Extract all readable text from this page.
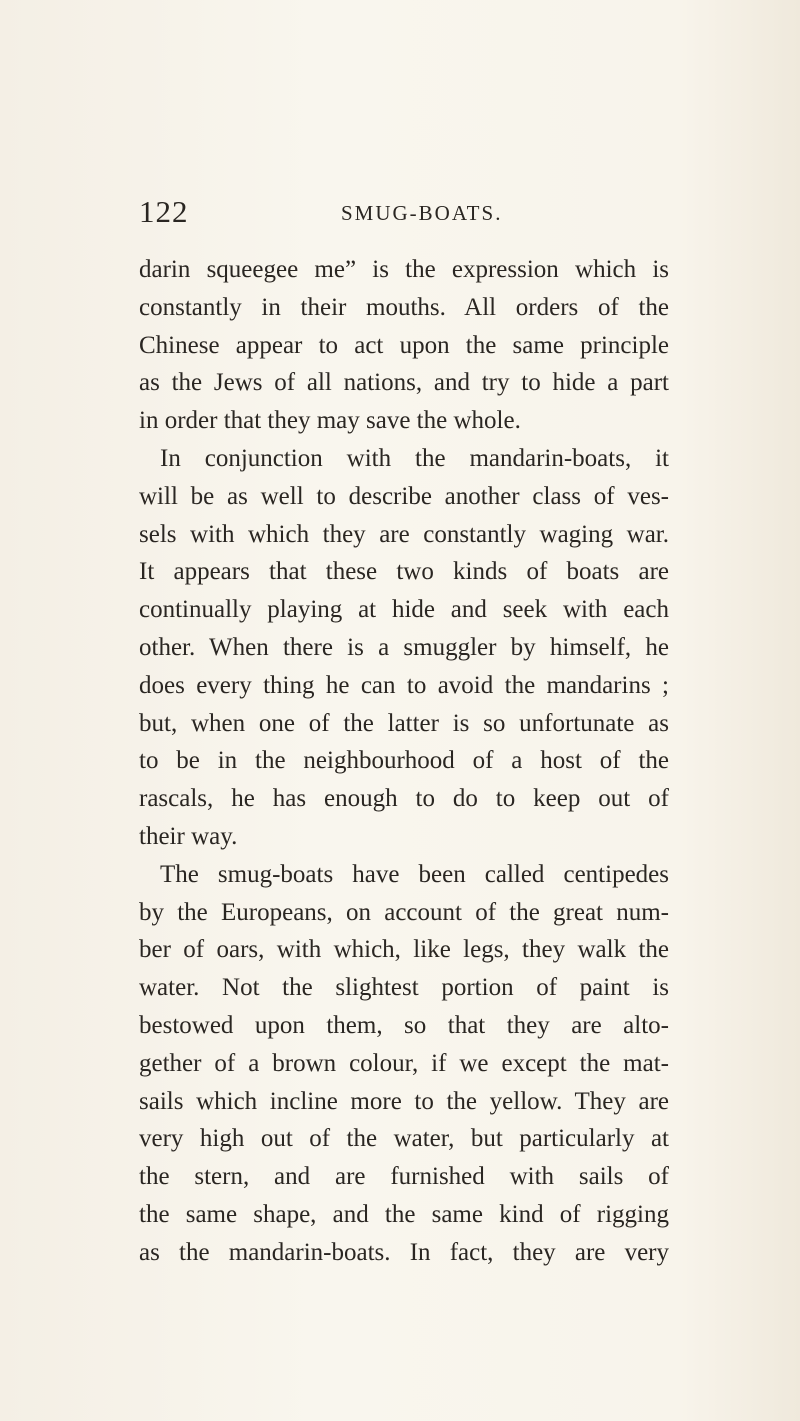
122	SMUG-BOATS.
darin squeegee me” is the expression which is
constantly in their mouths. All orders of the
Chinese appear to act upon the same principle
as the Jews of all nations, and try to hide a part
in order that they may save the whole.
In conjunction with the mandarin-boats, it
will be as well to describe another class of ves-
sels with which they are constantly waging war.
It appears that these two kinds of boats are
continually playing at hide and seek with each
other. When there is a smuggler by himself, he
does every thing he can to avoid the mandarins ;
but, when one of the latter is so unfortunate as
to be in the neighbourhood of a host of the
rascals, he has enough to do to keep out of
their way.
The smug-boats have been called centipedes
by the Europeans, on account of the great num-
ber of oars, with which, like legs, they walk the
water. Not the slightest portion of paint is
bestowed upon them, so that they are alto-
gether of a brown colour, if we except the mat-
sails which incline more to the yellow. They are
very high out of the water, but particularly at
the stern, and are furnished with sails of
the same shape, and the same kind of rigging
as the mandarin-boats. In fact, they are very
